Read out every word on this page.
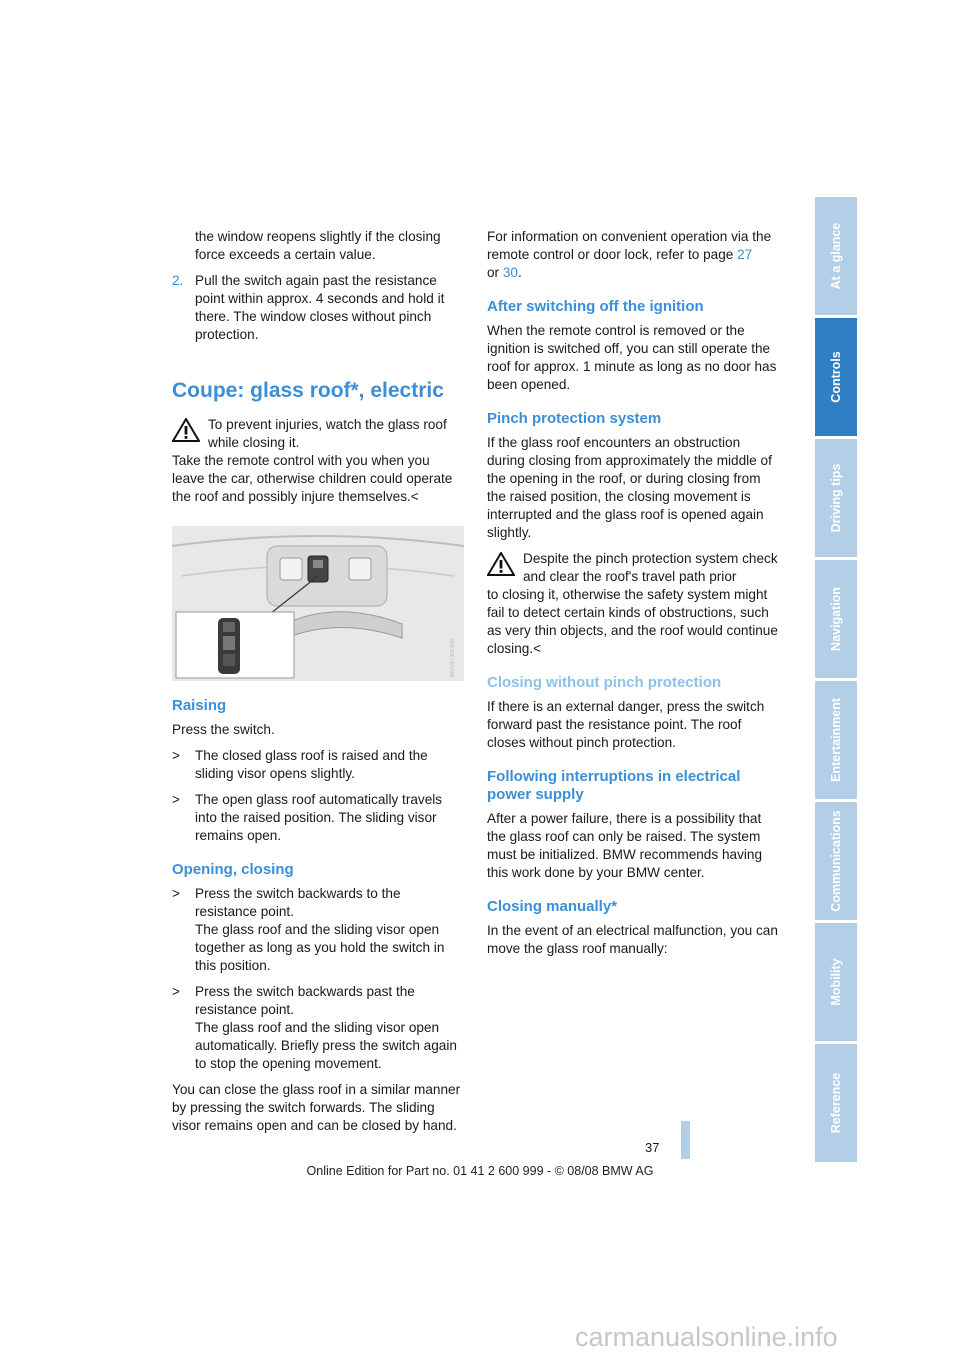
the window reopens slightly if the closing force exceeds a certain value.

2. Pull the switch again past the resistance point within approx. 4 seconds and hold it there. The window closes without pinch protection.

Coupe: glass roof*, electric

To prevent injuries, watch the glass roof while closing it.

Take the remote control with you when you leave the car, otherwise children could operate the roof and possibly injure themselves.<

MV03730CMA
Raising

Press the switch.

> The closed glass roof is raised and the sliding visor opens slightly.

> The open glass roof automatically travels into the raised position. The sliding visor remains open.

Opening, closing

> Press the switch backwards to the resistance point.
The glass roof and the sliding visor open together as long as you hold the switch in this position.

> Press the switch backwards past the resistance point.
The glass roof and the sliding visor open automatically. Briefly press the switch again to stop the opening movement.

You can close the glass roof in a similar manner by pressing the switch forwards. The sliding visor remains open and can be closed by hand.

For information on convenient operation via the remote control or door lock, refer to page 27
or 30.

After switching off the ignition

When the remote control is removed or the ignition is switched off, you can still operate the roof for approx. 1 minute as long as no door has been opened.

Pinch protection system

If the glass roof encounters an obstruction during closing from approximately the middle of the opening in the roof, or during closing from the raised position, the closing movement is interrupted and the glass roof is opened again slightly.

Despite the pinch protection system check and clear the roof's travel path prior

to closing it, otherwise the safety system might fail to detect certain kinds of obstructions, such as very thin objects, and the roof would continue closing.<

Closing without pinch protection

If there is an external danger, press the switch forward past the resistance point. The roof closes without pinch protection.

Following interruptions in electrical power supply

After a power failure, there is a possibility that the glass roof can only be raised. The system must be initialized. BMW recommends having this work done by your BMW center.

Closing manually*

In the event of an electrical malfunction, you can move the glass roof manually:

At a glance
Controls
Driving tips
Navigation
Entertainment
Communications
Mobility
Reference
37
Online Edition for Part no. 01 41 2 600 999 - © 08/08 BMW AG
carmanualsonline.info
